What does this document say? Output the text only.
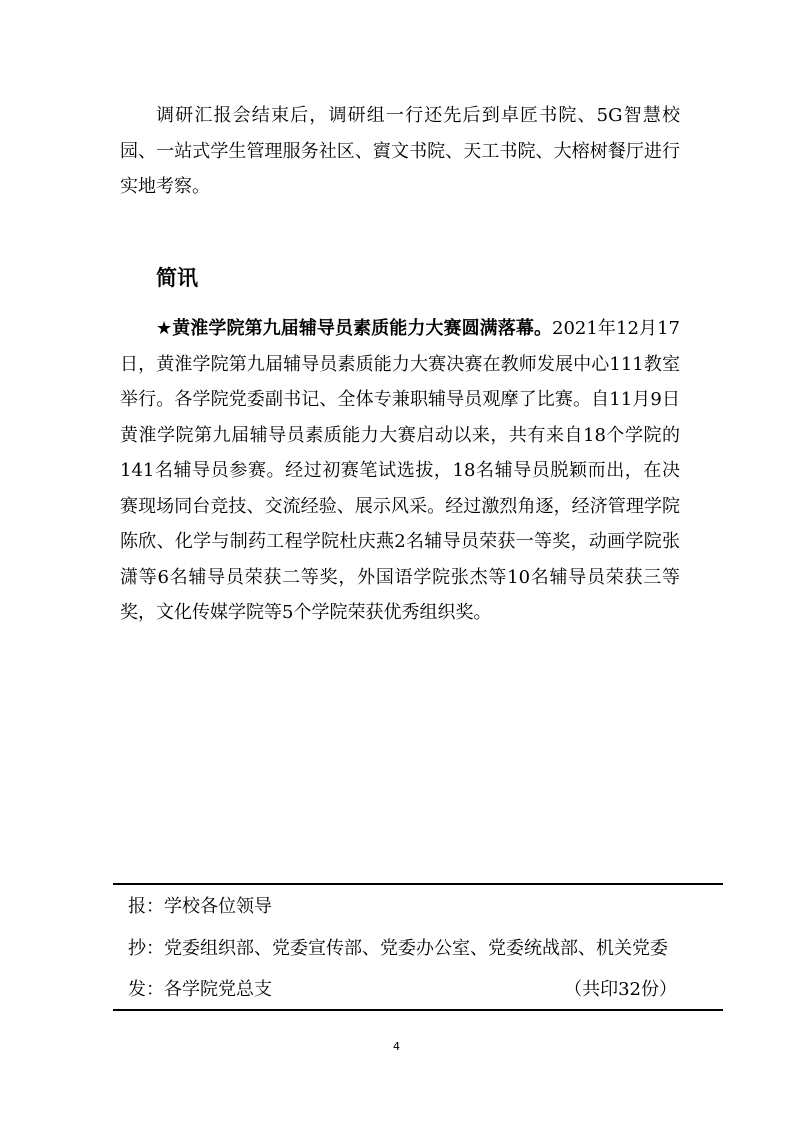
调研汇报会结束后，调研组一行还先后到卓匠书院、5G智慧校园、一站式学生管理服务社区、賨文书院、天工书院、大榕树餐厅进行实地考察。

简讯

★黄淮学院第九届辅导员素质能力大赛圆满落幕。2021年12月17日，黄淮学院第九届辅导员素质能力大赛决赛在教师发展中心111教室举行。各学院党委副书记、全体专兼职辅导员观摩了比赛。自11月9日黄淮学院第九届辅导员素质能力大赛启动以来，共有来自18个学院的141名辅导员参赛。经过初赛笔试选拔，18名辅导员脱颖而出，在决赛现场同台竞技、交流经验、展示风采。经过激烈角逐，经济管理学院陈欣、化学与制药工程学院杜庆燕2名辅导员荣获一等奖，动画学院张潇等6名辅导员荣获二等奖，外国语学院张杰等10名辅导员荣获三等奖，文化传媒学院等5个学院荣获优秀组织奖。

报：学校各位领导
抄：党委组织部、党委宣传部、党委办公室、党委统战部、机关党委
发：各学院党总支	（共印32份）
4
